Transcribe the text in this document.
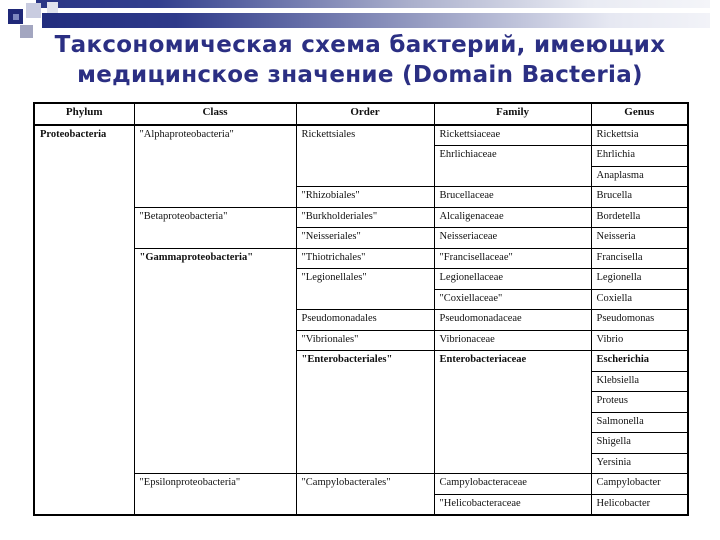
Таксономическая схема бактерий, имеющих
медицинское значение (Domain Bacteria)
Phylum	Class	Order	Family	Genus
Proteobacteria	"Alphaproteobacteria"	Rickettsiales	Rickettsiaceae	Rickettsia
			Ehrlichiaceae	Ehrlichia
				Anaplasma
		"Rhizobiales"	Brucellaceae	Brucella
	"Betaproteobacteria"	"Burkholderiales"	Alcaligenaceae	Bordetella
		"Neisseriales"	Neisseriaceae	Neisseria
	"Gammaproteobacteria"	"Thiotrichales"	"Francisellaceae"	Francisella
		"Legionellales"	Legionellaceae	Legionella
			"Coxiellaceae"	Coxiella
		Pseudomonadales	Pseudomonadaceae	Pseudomonas
		"Vibrionales"	Vibrionaceae	Vibrio
		"Enterobacteriales"	Enterobacteriaceae	Escherichia
				Klebsiella
				Proteus
				Salmonella
				Shigella
				Yersinia
	"Epsilonproteobacteria"	"Campylobacterales"	Campylobacteraceae	Campylobacter
			"Helicobacteraceae	Helicobacter
